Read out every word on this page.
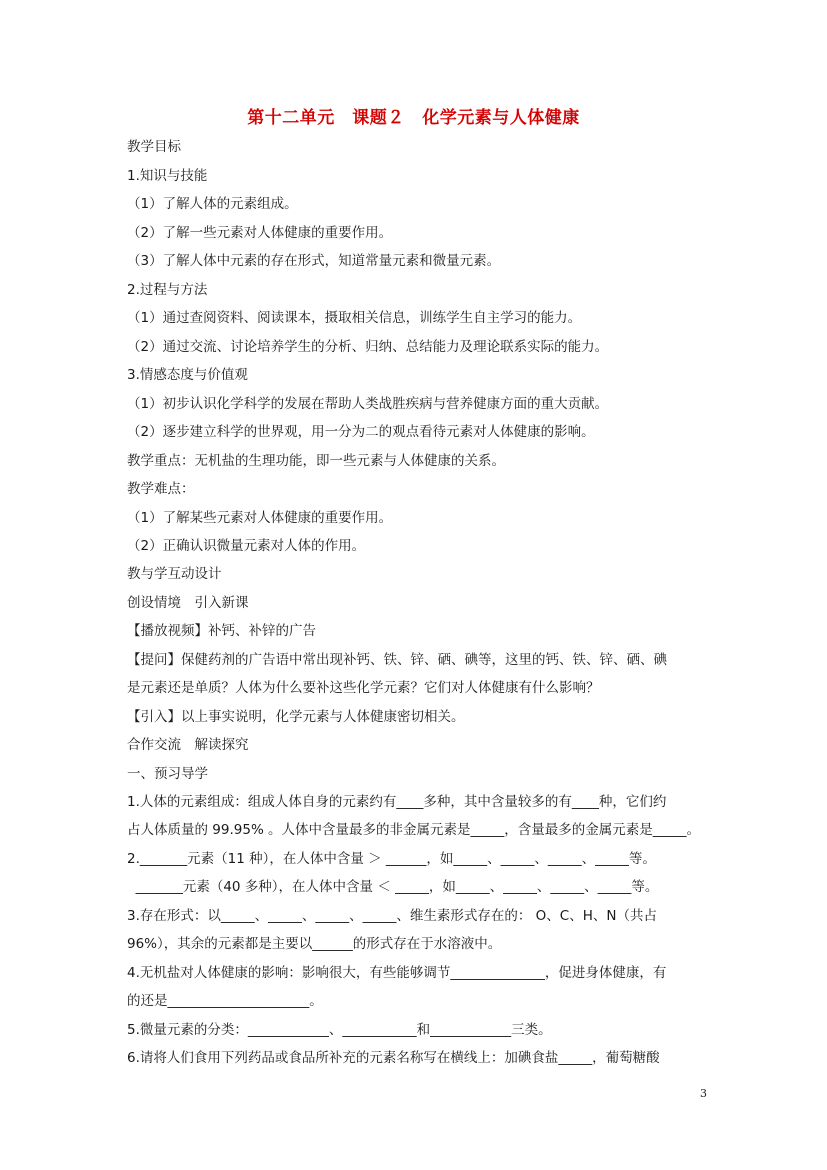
第十二单元　课题２　化学元素与人体健康
教学目标
1.知识与技能
（1）了解人体的元素组成。
（2）了解一些元素对人体健康的重要作用。
（3）了解人体中元素的存在形式，知道常量元素和微量元素。
2.过程与方法
（1）通过查阅资料、阅读课本，摄取相关信息，训练学生自主学习的能力。
（2）通过交流、讨论培养学生的分析、归纳、总结能力及理论联系实际的能力。
3.情感态度与价值观
（1）初步认识化学科学的发展在帮助人类战胜疾病与营养健康方面的重大贡献。
（2）逐步建立科学的世界观，用一分为二的观点看待元素对人体健康的影响。
教学重点：无机盐的生理功能，即一些元素与人体健康的关系。
教学难点：
（1）了解某些元素对人体健康的重要作用。
（2）正确认识微量元素对人体的作用。
教与学互动设计
创设情境　引入新课
【播放视频】补钙、补锌的广告
【提问】保健药剂的广告语中常出现补钙、铁、锌、硒、碘等，这里的钙、铁、锌、硒、碘
是元素还是单质？人体为什么要补这些化学元素？它们对人体健康有什么影响？
【引入】以上事实说明，化学元素与人体健康密切相关。
合作交流　解读探究
一、预习导学
1.人体的元素组成：组成人体自身的元素约有____多种，其中含量较多的有____种，它们约
占人体质量的 99.95% 。人体中含量最多的非金属元素是_____，含量最多的金属元素是_____。
2._______元素（11 种），在人体中含量 ＞ ______，如_____、_____、_____、_____等。
_______元素（40 多种），在人体中含量 ＜ _____，如_____、_____、_____、_____等。
3.存在形式：以_____、_____、_____、_____、维生素形式存在的： O、C、H、N（共占
96%），其余的元素都是主要以______的形式存在于水溶液中。
4.无机盐对人体健康的影响：影响很大，有些能够调节______________，促进身体健康，有
的还是_____________________。
5.微量元素的分类：____________、___________和____________三类。
6.请将人们食用下列药品或食品所补充的元素名称写在横线上：加碘食盐_____，葡萄糖酸
3
